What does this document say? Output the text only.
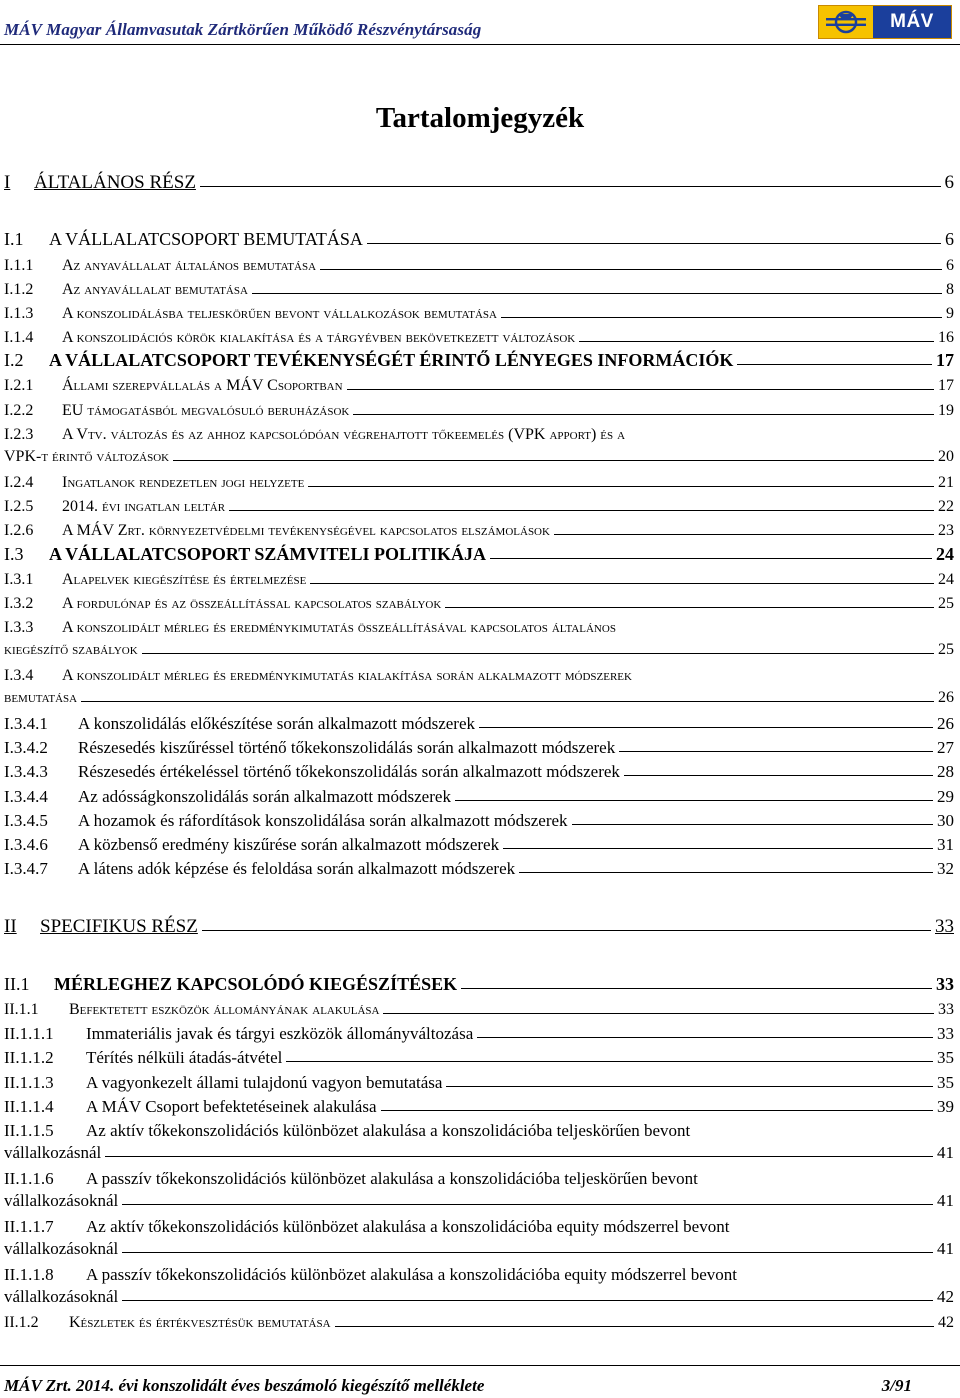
MÁV Magyar Államvasutak Zártkörűen Működő Részvénytársaság	MÁV
Tartalomjegyzék
I	ÁLTALÁNOS RÉSZ	6
I.1	A VÁLLALATCSOPORT BEMUTATÁSA	6
I.1.1	Az anyavállalat általános bemutatása	6
I.1.2	Az anyavállalat bemutatása	8
I.1.3	A konszolidálásba teljeskörűen bevont vállalkozások bemutatása	9
I.1.4	A konszolidációs körök kialakítása és a tárgyévben bekövetkezett változások	16
I.2	A VÁLLALATCSOPORT TEVÉKENYSÉGÉT ÉRINTŐ LÉNYEGES INFORMÁCIÓK	17
I.2.1	Állami szerepvállalás a MÁV Csoportban	17
I.2.2	EU támogatásból megvalósuló beruházások	19
I.2.3	A Vtv. változás és az ahhoz kapcsolódóan végrehajtott tőkeemelés (VPK apport) és a
VPK-t érintő változások	20
I.2.4	Ingatlanok rendezetlen jogi helyzete	21
I.2.5	2014. évi ingatlan leltár	22
I.2.6	A MÁV Zrt. környezetvédelmi tevékenységével kapcsolatos elszámolások	23
I.3	A VÁLLALATCSOPORT SZÁMVITELI POLITIKÁJA	24
I.3.1	Alapelvek kiegészítése és értelmezése	24
I.3.2	A fordulónap és az összeállítással kapcsolatos szabályok	25
I.3.3	A konszolidált mérleg és eredménykimutatás összeállításával kapcsolatos általános
kiegészítő szabályok	25
I.3.4	A konszolidált mérleg és eredménykimutatás kialakítása során alkalmazott módszerek
bemutatása	26
I.3.4.1	A konszolidálás előkészítése során alkalmazott módszerek	26
I.3.4.2	Részesedés kiszűréssel történő tőkekonszolidálás során alkalmazott módszerek	27
I.3.4.3	Részesedés értékeléssel történő tőkekonszolidálás során alkalmazott módszerek	28
I.3.4.4	Az adósságkonszolidálás során alkalmazott módszerek	29
I.3.4.5	A hozamok és ráfordítások konszolidálása során alkalmazott módszerek	30
I.3.4.6	A közbenső eredmény kiszűrése során alkalmazott módszerek	31
I.3.4.7	A látens adók képzése és feloldása során alkalmazott módszerek	32
II	SPECIFIKUS RÉSZ	33
II.1	MÉRLEGHEZ KAPCSOLÓDÓ KIEGÉSZÍTÉSEK	33
II.1.1	Befektetett eszközök állományának alakulása	33
II.1.1.1	Immateriális javak és tárgyi eszközök állományváltozása	33
II.1.1.2	Térítés nélküli átadás-átvétel	35
II.1.1.3	A vagyonkezelt állami tulajdonú vagyon bemutatása	35
II.1.1.4	A MÁV Csoport befektetéseinek alakulása	39
II.1.1.5	Az aktív tőkekonszolidációs különbözet alakulása a konszolidációba teljeskörűen bevont
vállalkozásnál	41
II.1.1.6	A passzív tőkekonszolidációs különbözet alakulása a konszolidációba teljeskörűen bevont
vállalkozásoknál	41
II.1.1.7	Az aktív tőkekonszolidációs különbözet alakulása a konszolidációba equity módszerrel bevont
vállalkozásoknál	41
II.1.1.8	A passzív tőkekonszolidációs különbözet alakulása a konszolidációba equity módszerrel bevont
vállalkozásoknál	42
II.1.2	Készletek és értékvesztésük bemutatása	42
MÁV Zrt. 2014. évi konszolidált éves beszámoló kiegészítő melléklete	3/91
